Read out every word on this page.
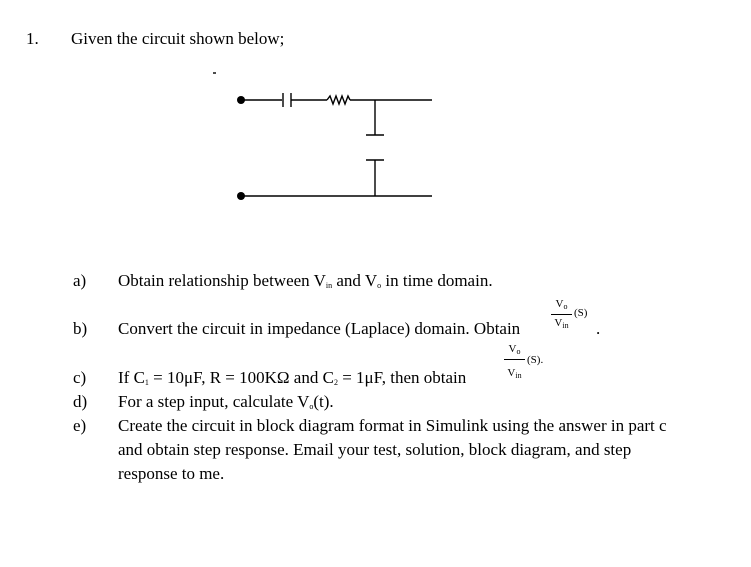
1. Given the circuit shown below;
a) Obtain relationship between $V_{in}$ and $V_o$ in time domain.
b) Convert the circuit in impedance (Laplace) domain. Obtain
$V_o$
$V_{in}$
(S)
.
c) If $C_1 = 10\mu F$, R = 100KΩ and $C_2 = 1\mu F$, then obtain
$V_o$
$V_{in}$
(S).
d) For a step input, calculate $V_o(t)$.
e) Create the circuit in block diagram format in Simulink using the answer in part c
and obtain step response. Email your test, solution, block diagram, and step
response to me.
